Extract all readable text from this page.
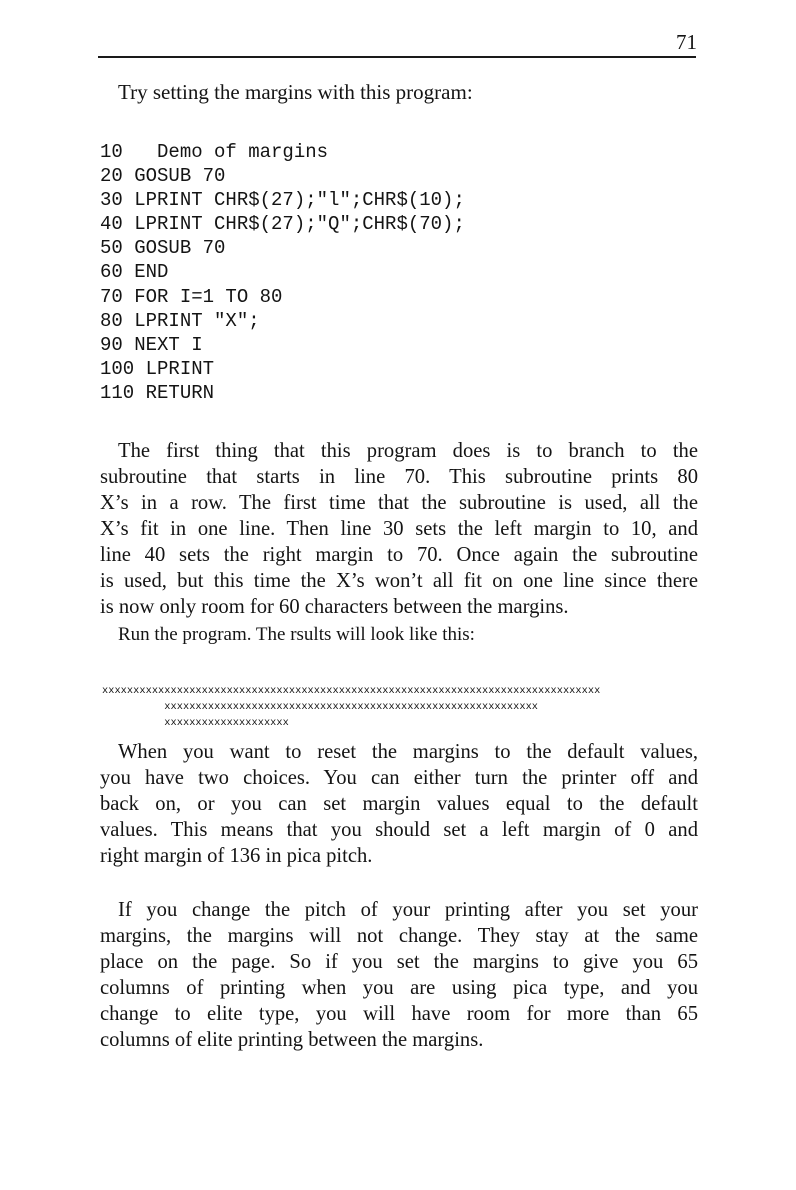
71
Try setting the margins with this program:
10   Demo of margins
20 GOSUB 70
30 LPRINT CHR$(27);"l";CHR$(10);
40 LPRINT CHR$(27);"Q";CHR$(70);
50 GOSUB 70
60 END
70 FOR I=1 TO 80
80 LPRINT "X";
90 NEXT I
100 LPRINT
110 RETURN
The first thing that this program does is to branch to the
subroutine that starts in line 70. This subroutine prints 80
X’s in a row. The first time that the subroutine is used, all the
X’s fit in one line. Then line 30 sets the left margin to 10, and
line 40 sets the right margin to 70. Once again the subroutine
is used, but this time the X’s won’t all fit on one line since there
is now only room for 60 characters between the margins.
Run the program. The rsults will look like this:
xxxxxxxxxxxxxxxxxxxxxxxxxxxxxxxxxxxxxxxxxxxxxxxxxxxxxxxxxxxxxxxxxxxxxxxxxxxxxxxx
xxxxxxxxxxxxxxxxxxxxxxxxxxxxxxxxxxxxxxxxxxxxxxxxxxxxxxxxxxxx
xxxxxxxxxxxxxxxxxxxx
When you want to reset the margins to the default values,
you have two choices. You can either turn the printer off and
back on, or you can set margin values equal to the default
values. This means that you should set a left margin of 0 and
right margin of 136 in pica pitch.
If you change the pitch of your printing after you set your
margins, the margins will not change. They stay at the same
place on the page. So if you set the margins to give you 65
columns of printing when you are using pica type, and you
change to elite type, you will have room for more than 65
columns of elite printing between the margins.
